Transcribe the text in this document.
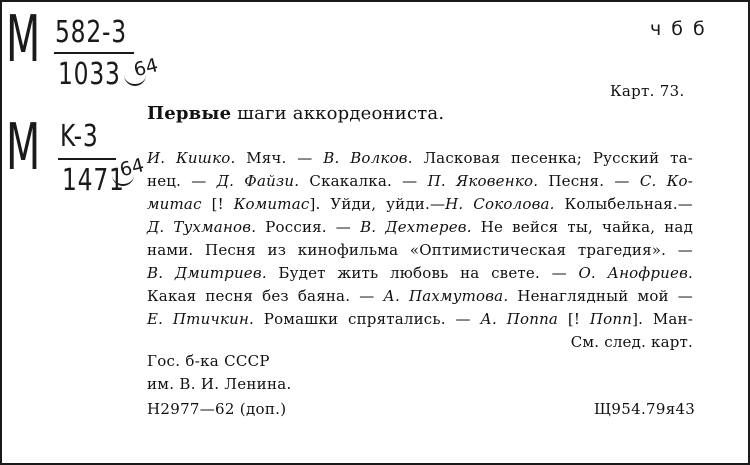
M 582-3
1033 64
M K-3
1471
64
ч б б
Карт. 73.
Первые шаги аккордеониста.
И. Кишко. Мяч. — В. Волков. Ласковая песенка; Русский та-
нец. — Д. Файзи. Скакалка. — П. Яковенко. Песня. — С. Ко-
митас [! Комитас]. Уйди, уйди.—Н. Соколова. Колыбельная.—
Д. Тухманов. Россия. — В. Дехтерев. Не вейся ты, чайка, над
нами. Песня из кинофильма «Оптимистическая трагедия». —
В. Дмитриев. Будет жить любовь на свете. — О. Анофриев.
Какая песня без баяна. — А. Пахмутова. Ненаглядный мой —
Е. Птичкин. Ромашки спрятались. — А. Поппа [! Попп]. Ман-
См. след. карт.
Гос. б-ка СССР
им. В. И. Ленина.
Н2977—62 (доп.)	Щ954.79я43
